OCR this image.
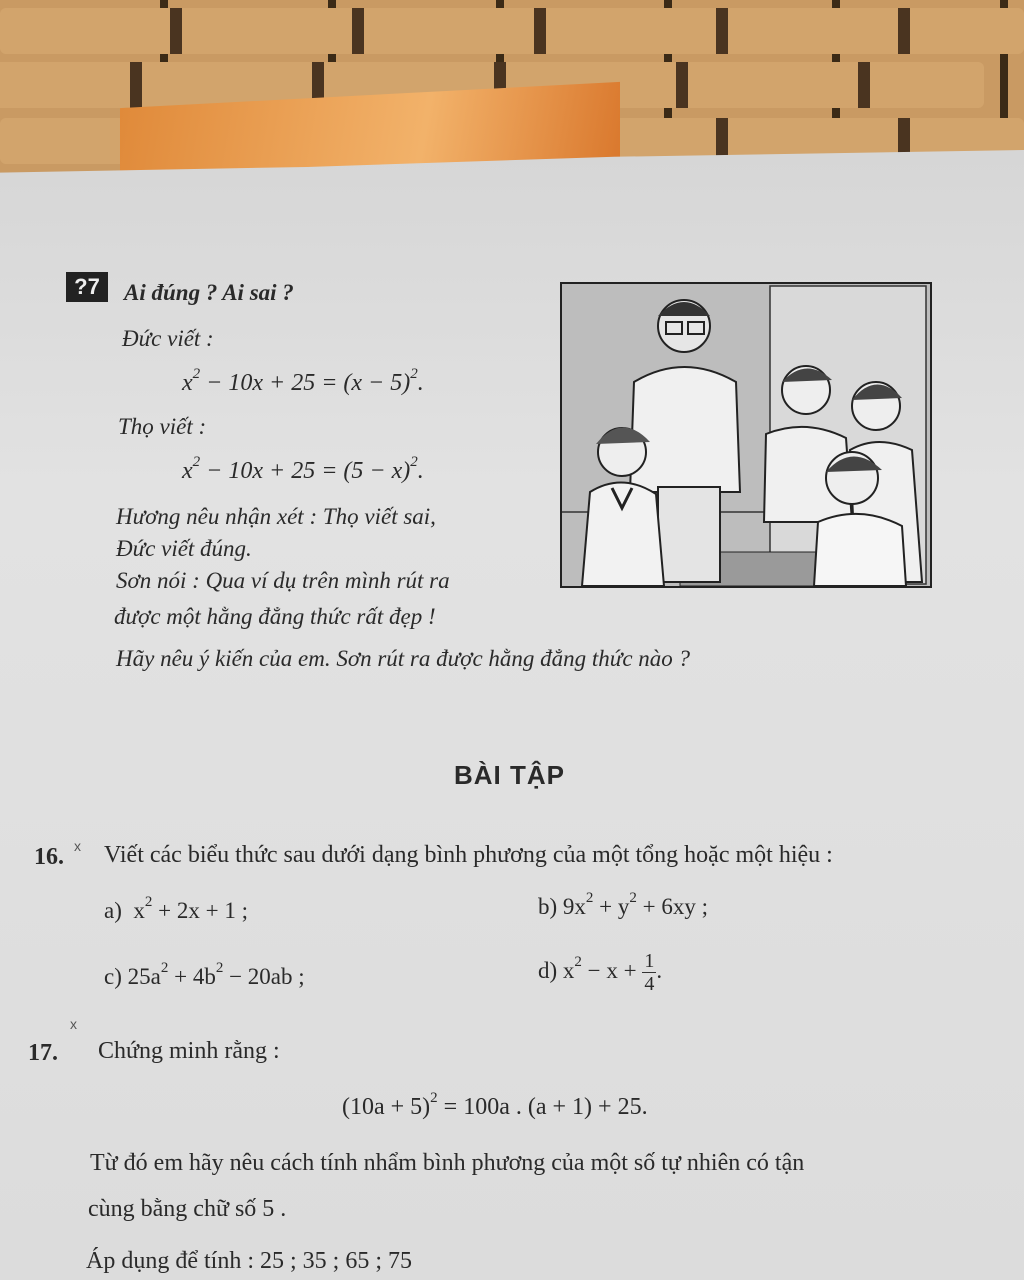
?7	Ai đúng ? Ai sai ?
Đức viết :
$x^2 - 10x + 25 = (x - 5)^2$.
Thọ viết :
$x^2 - 10x + 25 = (5 - x)^2$.
Hương nêu nhận xét : Thọ viết sai,
Đức viết đúng.
Sơn nói : Qua ví dụ trên mình rút ra
được một hằng đẳng thức rất đẹp !
Hãy nêu ý kiến của em. Sơn rút ra được hằng đẳng thức nào ?
BÀI TẬP
16. x Viết các biểu thức sau dưới dạng bình phương của một tổng hoặc một hiệu :
a) $x^2 + 2x + 1$ ;	b) $9x^2 + y^2 + 6xy$ ;
c) $25a^2 + 4b^2 - 20ab$ ;	d) $x^2 - x + \frac{1}{4}$ .
17.
x
Chứng minh rằng :
$(10a + 5)^2 = 100a$ . (a + 1) + 25.
Từ đó em hãy nêu cách tính nhẩm bình phương của một số tự nhiên có tận
cùng bằng chữ số 5 .
Áp dụng để tính : 25 ; 35 ; 65 ; 75
